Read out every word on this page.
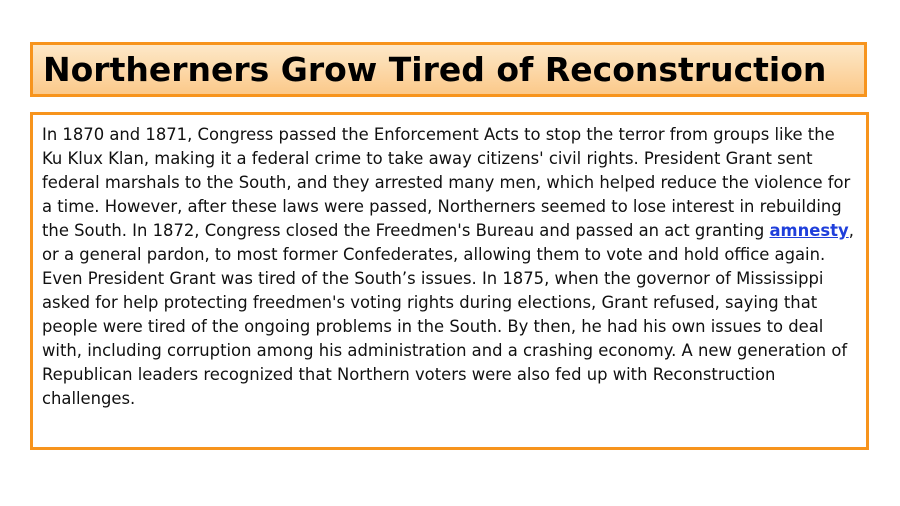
Northerners Grow Tired of Reconstruction

In 1870 and 1871, Congress passed the Enforcement Acts to stop the terror from groups like the Ku Klux Klan, making it a federal crime to take away citizens' civil rights. President Grant sent federal marshals to the South, and they arrested many men, which helped reduce the violence for a time. However, after these laws were passed, Northerners seemed to lose interest in rebuilding the South. In 1872, Congress closed the Freedmen's Bureau and passed an act granting amnesty, or a general pardon, to most former Confederates, allowing them to vote and hold office again. Even President Grant was tired of the South’s issues. In 1875, when the governor of Mississippi asked for help protecting freedmen's voting rights during elections, Grant refused, saying that people were tired of the ongoing problems in the South. By then, he had his own issues to deal with, including corruption among his administration and a crashing economy. A new generation of Republican leaders recognized that Northern voters were also fed up with Reconstruction challenges.
